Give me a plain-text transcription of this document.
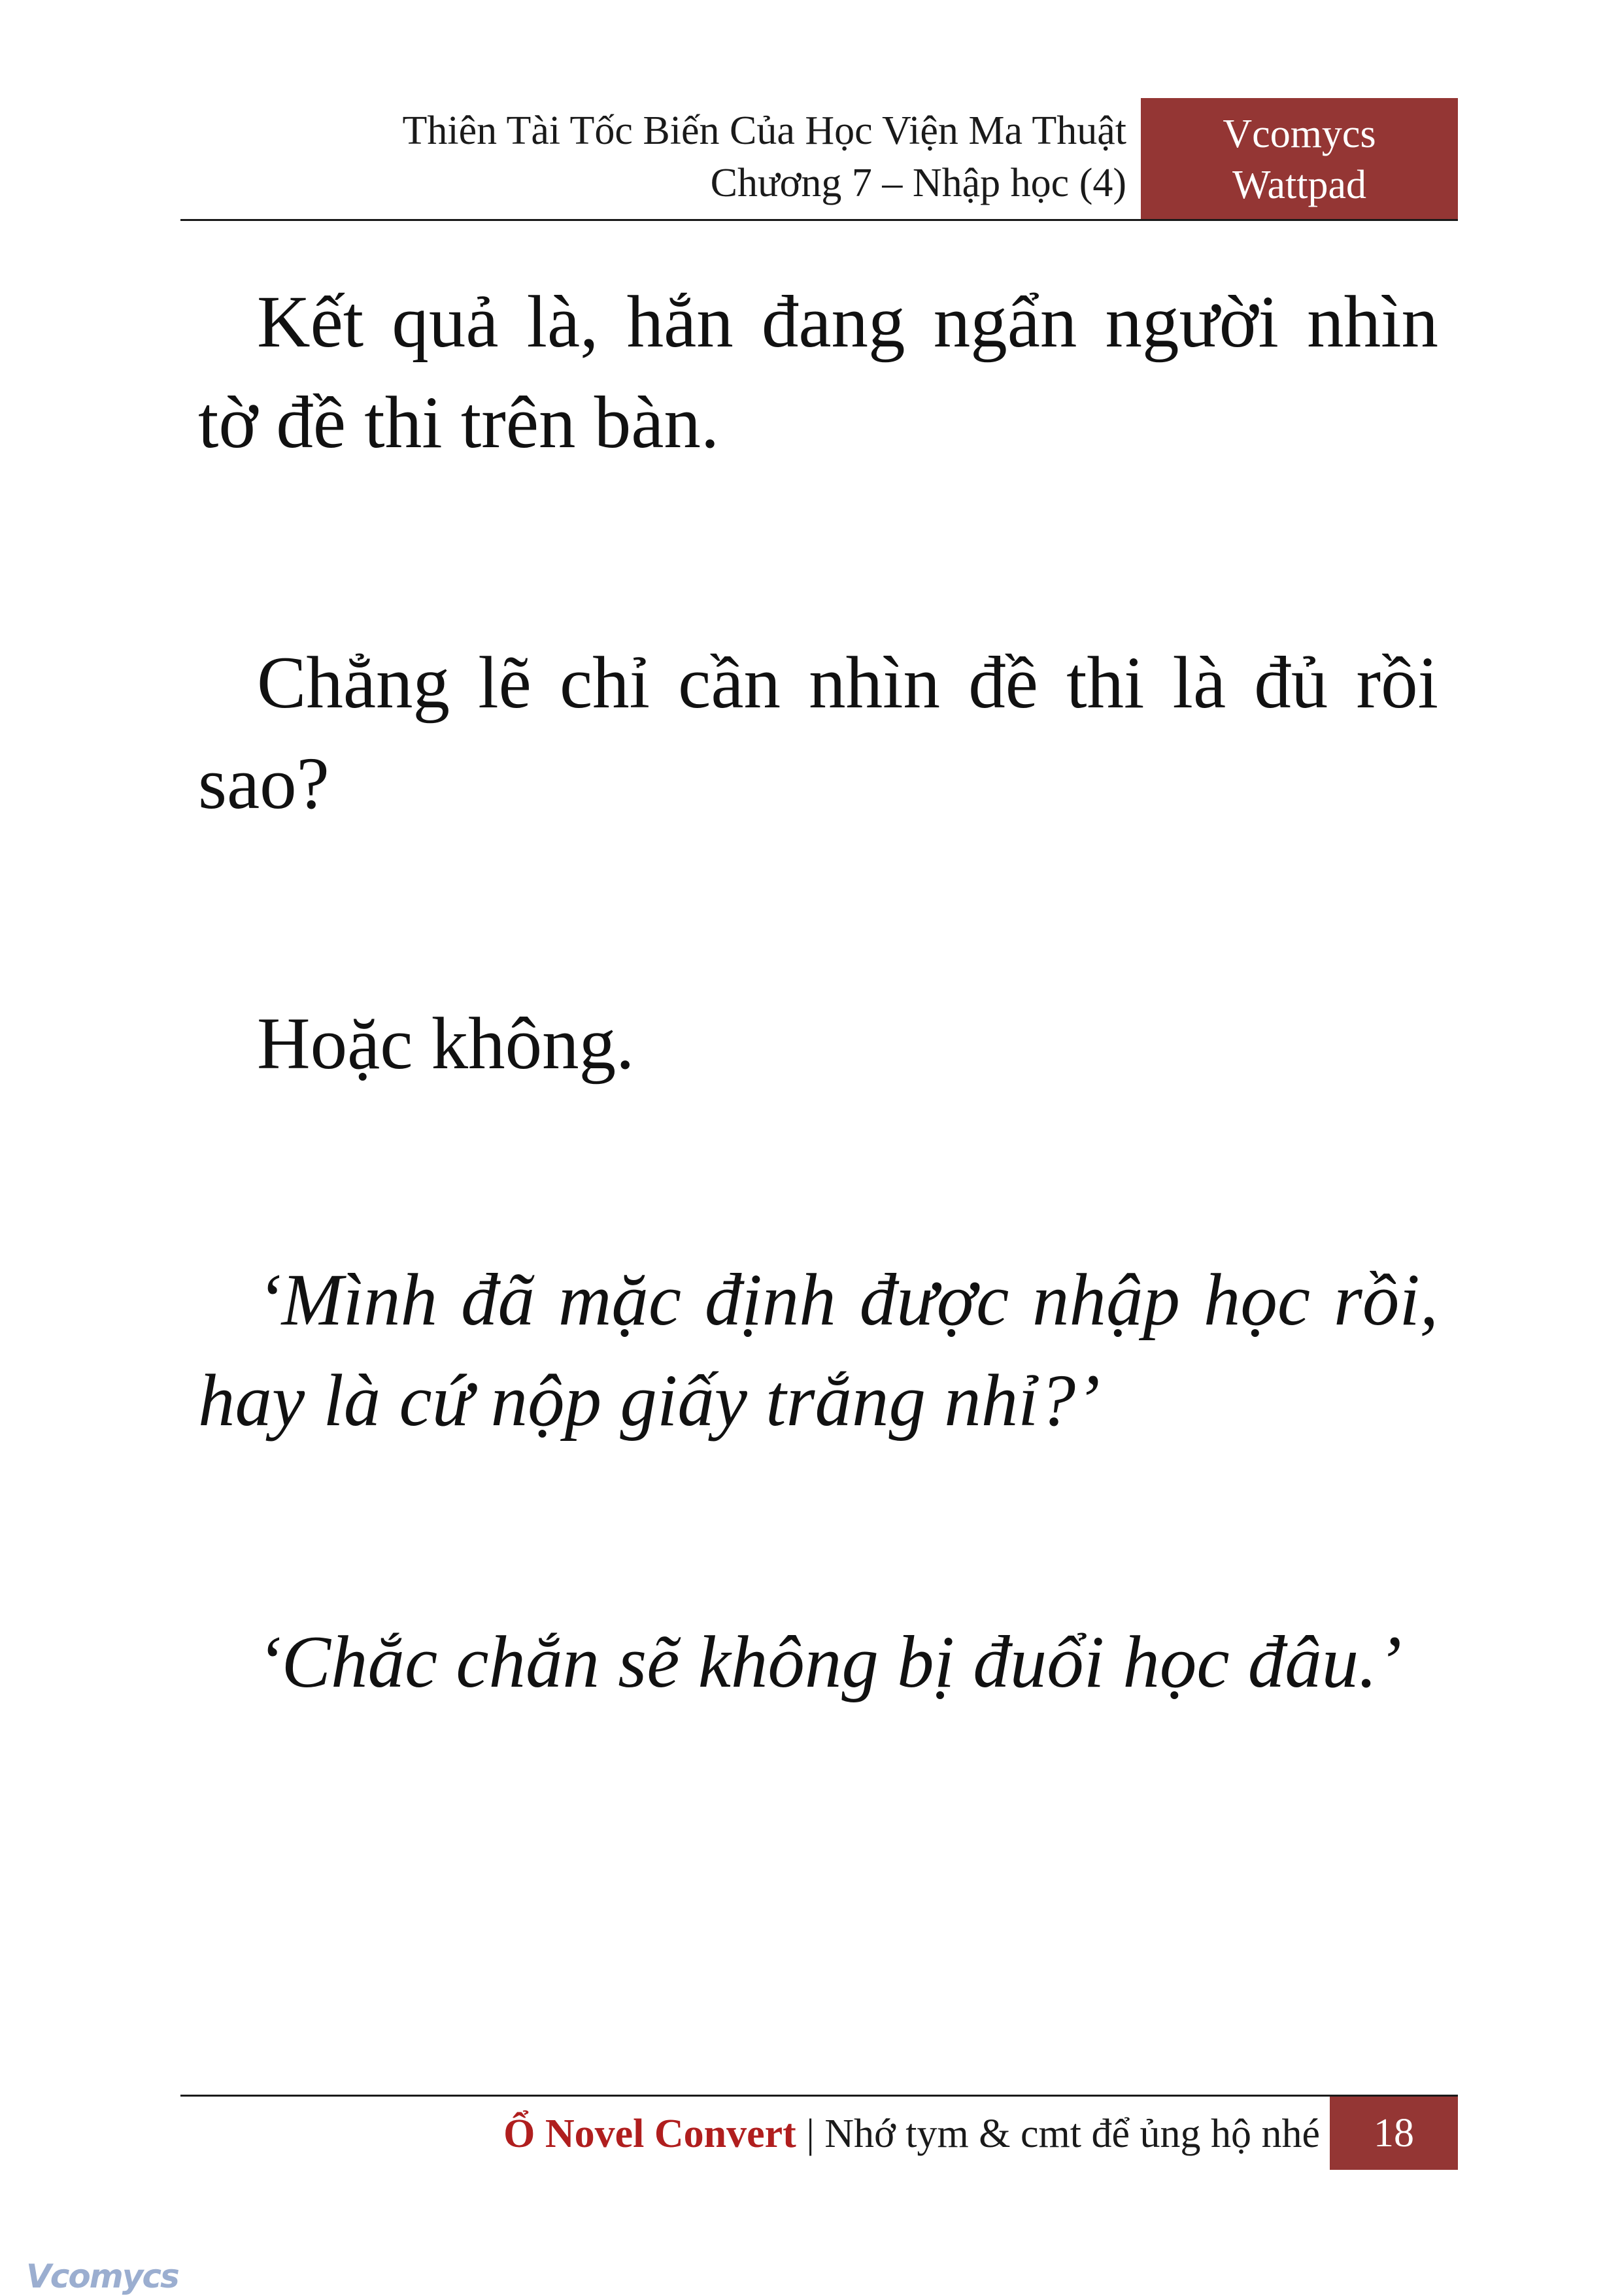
Thiên Tài Tốc Biến Của Học Viện Ma Thuật
Chương 7 – Nhập học (4)
Vcomycs
Wattpad

Kết quả là, hắn đang ngẩn người nhìn tờ đề thi trên bàn.

Chẳng lẽ chỉ cần nhìn đề thi là đủ rồi sao?

Hoặc không.

‘Mình đã mặc định được nhập học rồi, hay là cứ nộp giấy trắng nhỉ?’

‘Chắc chắn sẽ không bị đuổi học đâu.’

Ổ Novel Convert | Nhớ tym & cmt để ủng hộ nhé	18
Vcomycs
